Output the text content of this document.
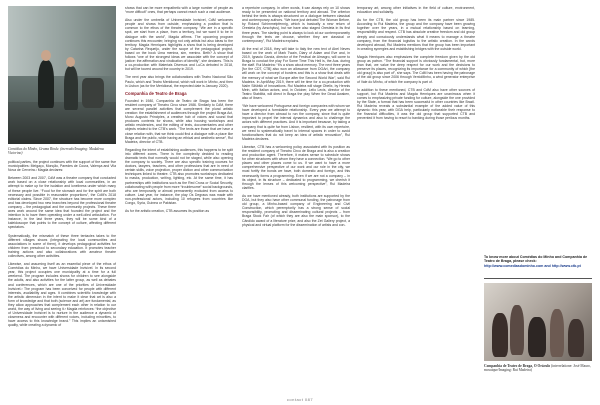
Comédias do Minho, Grama Rinde. (inerrado/Imaging: Madalena Victorino)

political parties, the project continues with the support of the same five municipalities: Melgaço, Monção, Paredes de Coura, Valença and Vila Nova de Cerveira.¹ Magda declares:

Between 2003 and 2007, CdM was a theatre company that conducted work based on a close relationship with local communities, in an attempt to make up for the isolation and loneliness under which many of these people live. “Food for the stomach and for the spirit are both necessary and possible in reasonable proportions”, the CdM’s 2018 editorial claims. Since 2007, the structure has become more complex and has developed two new branches beyond the professional theatre company – the pedagogical and the community projects. These three axes work around the same idea that founded the project and the intention is to have them operating under a well-oiled articulation. For instance, in the last three years, they will be some kind of a kaleidoscope that points to the concept of culture, affecting different spectators.

Systematically, the mismatch of these three tentacles takes to the different villages shows (integrating the local communities and associations in some of them), it develops pedagogical activities for children from preschool to secondary education. It promotes teacher training actions and also collaborations with amateur theatre collectives, among other activities.

Likewise, and assuming itself as an essential piece of the ethos of Comédias do Minho, we have Universidade Invisível. In its second year, this project occupies one municipality at a time for a full weekend. The program includes shows for children to see alongside the adults, and also activities for the latter group, as well as debates and conferences, which are one of the priorities of Universidade Invisível.² The program has been conceived for people with different interests, availability and ages. It combines scientific knowledge with the artistic dimension in the intent to make it clear that art is also a form of knowledge and that both (science and art) are fundamental, as they allow approaches that complement each other in relation to our world, the way of living and seeing it.³ Magda reinforces: “the objective of Universidade Invisível is to nurture in the audience a dynamic of closeness and encounter with different voices, including minorities, to have access to this knowledge brand.” This implies an untarnished quality, while creating a dynamic of

shows that can be more empathetic with a large number of people as “more difficult” ones, that perhaps cannot reach such a vast audience.

Also under the umbrella of Universidade Invisível, CdM welcomes people and shows from outside, emphasizing a position that is common to the ethos of the theatre company. “We are in a specific spot, we start from a place, from a territory, but we want it to be in dialogue with the world”, Magda affirms. The upcoming program continues this encounter, bringing not only artists but also ideas to the territory. Magda Henriques highlights a show that is being developed by Catarina Requeijo, under the scope of the pedagogical project, based on the book Uma menina, sim, menino. Beth? A show that follows “one of the strongest ideas we associate with the concept of justice: the affirmation and vindication of identity”, she declares. This is a co-production with Materiais Diversos and LuCa debuted in 2018, but will be toured around the country in 2019.

The next year also brings the collaborations with Teatro Nacional São Paulo, which and Teatro Meridional, which will work in Minho, and then in Lisbon (as for the Meridional, the expected date is January 2020).

Companhia de Teatro de Braga

Founded in 1980, Companhia de Teatro de Braga has been the resident company of Theatro Circo since 1986. Similarly to CdM, there are several parallel activities that complement the plural artistic creation: the establishment of audiences through the project Braga Act, Mono Augusto Principles, a creative hub of voices and sound that produces contents for shows, while also housing workshops and artistic residencies, and the editing of texts, documentaries and other objects related to the CTB’s work. “The texts are those that we have a close relation with, that we think could find a dialogue with a place like Braga and the public, while having an ethical and aesthetic sense”, Rui Madeira, director of CTB.

Regarding the intent of establishing audiences, this happens to be split into different zones. There is the complexity decided to reading dramatic texts that normally would not be staged, while also opening the company to society. There are also specific training courses for doctors, lawyers, teachers, and other professions that are in need of certain skills, voice projection, proper diction and other communication techniques linked to theatre. CTB also promotes workshops dedicated to masks, production, writing, lighting, etc. At the same time, it has partnerships with institutions such as the Red Cross or Social Security, collaborating with people from more “troublesome” social backgrounds, who are temporarily or almost permanently excluded from access to culture. Last year, for instance, the play Os Degraus was made with non-professional actors, including 10 refugees from countries like Congo, Syria, Guinea or Pakistan.

As for the artistic creation, CTB assumes its position as

a repertoire company. In other words, it can always rely on 10 shows ready to be presented on national territory and abroad. The criterion behind the texts is always structured on a dialogue between classical and contemporary authors. “We have just debuted The Woman Before, by Roland Schimmelpfennig, which is basically a new return of Oresteia (by Aeschylus), but we have also staged Oresteia in its first three years. The starting point is always to look at our contemporaneity through the texts we choose, whether they are classical or contemporary”, Rui Madeira explains.

At the end of 2018, they will take to Italy the new text of Abel Neves based on the work of Mark Twain, Diary of Adam and Eve and, in 2019, Ignacio García, director of the Festival de Almagro, will come to Braga to conduct the play For Some Time This Hell is, the Aus. during the staff. Rui Madeira: “It’s a show about memory. The next three years [for the CDT, CTB] also won an allowance from DGArt, the company will work on the concept of borders and this is a show that deals with the memory of what we Europe after the Second World War”, said Rui Madeira. In April/May 2019, there will be time for a co-production with Naïm Slišbšik of Innovations. Rui Madeira will stage Obelix, by Hennis Mein, with Italian actors, and, in October, Lelio Lecis, director of the Teatro Stabilità, will direct in Braga the play When the Dead Awaken, also of Ibsen.

“We have welcomed Portuguese and foreign companies with whom we have developed a formidable relationship. Every year we attempt to have a director from abroad to run the company, since that is quite important to propel the internal dynamics and also to challenge the actors with different practices. And it is important because, by taking a company that is quite far from Lisbon, resilient, with its own repertoire, we need to systematically travel to internal spaces in order to avoid functionalisms that do not keep an idea of artistic renovation”, Rui Madeira declares.

Likewise, CTB has a welcoming policy associated with its position as the resident company of Theatro Circo de Braga and is also a creation and production agent. Therefore, it makes sense to schedule shows for other structures with whom they have a connection. “We go to other places and other places come to us. If we want to have a more comprehensive perspective of our work and our role in the city, we must fortify the bonds we have, both domestic and foreign, and this necessarily forms a programming. Even if we are not a company – in its object, in its structure – dedicated to programming, we cherish it through the lenses of this welcoming perspective”, Rui Madeira clarifies.

As we have mentioned already, both institutions are supported by the DGA, but they also have other communal funding, the patronage from old group, a Minho-based company of Engineering and Civil Construction, which peremptorily has a strong sense of social responsibility, promoting and disseminating cultural projects – from Braga Stock Fair (of which they are also the main sponsor), to the Cândido award of a literature prize, and also the Zet Gallery project, a physical and virtual platform for the dissemination of artists and con-

temporary art, among other initiatives in the field of culture, environment, education and solidarity.

As for the CTB, the old group has been its main partner since 1985. According to Rui Madeira, the group and the company have been growing together over the years, in a mutual relationship based on learning, responsibility and respect. CTB has absolute creative freedom and old group deeply and consciously understands what it means to manage a theatre company, from the financial logistics to the artistic creation. In the words developed abroad, Rui Madeira mentions that the group has been important in creating synergies and establishing bridges with the outside world.

Magda Henriques also emphasizes the complete freedom given by the old group as patron. “The financial support is obviously fundamental, but, more than that, we value the deep respect for our work and the decisions to preserve its places, recognizing its importance for a community of which [the old group] is also part of”, she says. The CdM has been having the patronage of the old group since 2006 through VentoMinho, a wind generator enterprise of Vale do Minho, of which the company is part of.

In addition to these mentioned, CTB and CdM also have other sources of support, but Rui Madeira and Magda Henriques are unanimous when it comes to emphasizing private funding for culture, alongside the one provided by the State, a format that has been successful in other countries like Brazil. Rui Madeira reveals a substantial example of the added value of this dynamic: this year, with DGA help, particularly noticeable their response to the financial difficulties, it was the old group that supported CTB and prevented it from having to resort to banking during those perilous months.

To know more about Comédias do Minho and Companhia de Teatro de Braga, please check:
http://www.comediasdominho.com and http://www.ctb.pt
Companhia de Teatro de Braga, O Oráculo (interrelatione: José Mauro, mosaique/Imaging: Rui Madeira)
contact 087
